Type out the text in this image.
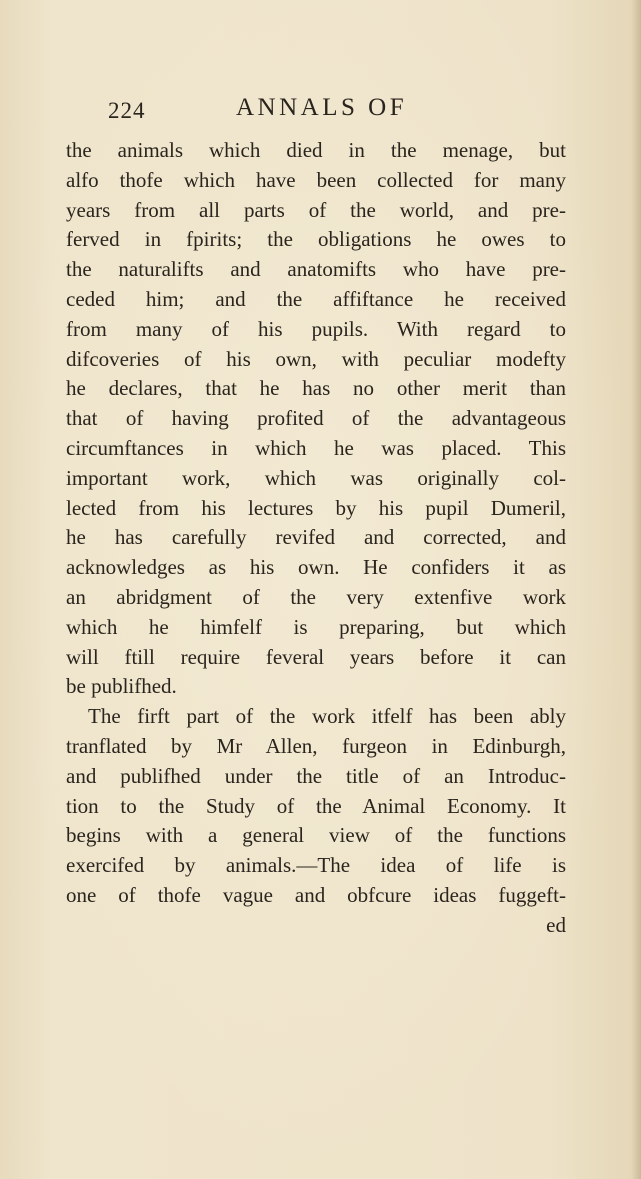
224	ANNALS OF
the animals which died in the menage, but
alfo thofe which have been collected for many
years from all parts of the world, and pre-
ferved in fpirits; the obligations he owes to
the naturalifts and anatomifts who have pre-
ceded him; and the affiftance he received
from many of his pupils. With regard to
difcoveries of his own, with peculiar modefty
he declares, that he has no other merit than
that of having profited of the advantageous
circumftances in which he was placed. This
important work, which was originally col-
lected from his lectures by his pupil Dumeril,
he has carefully revifed and corrected, and
acknowledges as his own. He confiders it as
an abridgment of the very extenfive work
which he himfelf is preparing, but which
will ftill require feveral years before it can
be publifhed.
The firft part of the work itfelf has been ably
tranflated by Mr Allen, furgeon in Edinburgh,
and publifhed under the title of an Introduc-
tion to the Study of the Animal Economy. It
begins with a general view of the functions
exercifed by animals.—The idea of life is
one of thofe vague and obfcure ideas fuggeft-
ed
